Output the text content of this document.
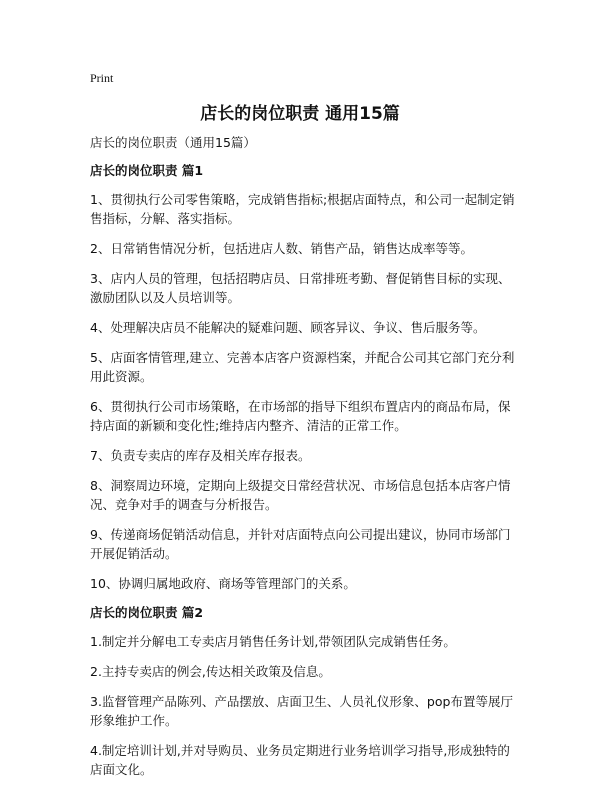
Print
店长的岗位职责 通用15篇
店长的岗位职责（通用15篇）
店长的岗位职责 篇1
1、贯彻执行公司零售策略，完成销售指标;根据店面特点，和公司一起制定销售指标，分解、落实指标。
2、日常销售情况分析，包括进店人数、销售产品，销售达成率等等。
3、店内人员的管理，包括招聘店员、日常排班考勤、督促销售目标的实现、激励团队以及人员培训等。
4、处理解决店员不能解决的疑难问题、顾客异议、争议、售后服务等。
5、店面客情管理,建立、完善本店客户资源档案，并配合公司其它部门充分利用此资源。
6、贯彻执行公司市场策略，在市场部的指导下组织布置店内的商品布局，保持店面的新颖和变化性;维持店内整齐、清洁的正常工作。
7、负责专卖店的库存及相关库存报表。
8、洞察周边环境，定期向上级提交日常经营状况、市场信息包括本店客户情况、竞争对手的调查与分析报告。
9、传递商场促销活动信息，并针对店面特点向公司提出建议，协同市场部门开展促销活动。
10、协调归属地政府、商场等管理部门的关系。
店长的岗位职责 篇2
1.制定并分解电工专卖店月销售任务计划,带领团队完成销售任务。
2.主持专卖店的例会,传达相关政策及信息。
3.监督管理产品陈列、产品摆放、店面卫生、人员礼仪形象、pop布置等展厅形象维护工作。
4.制定培训计划,并对导购员、业务员定期进行业务培训学习指导,形成独特的店面文化。
